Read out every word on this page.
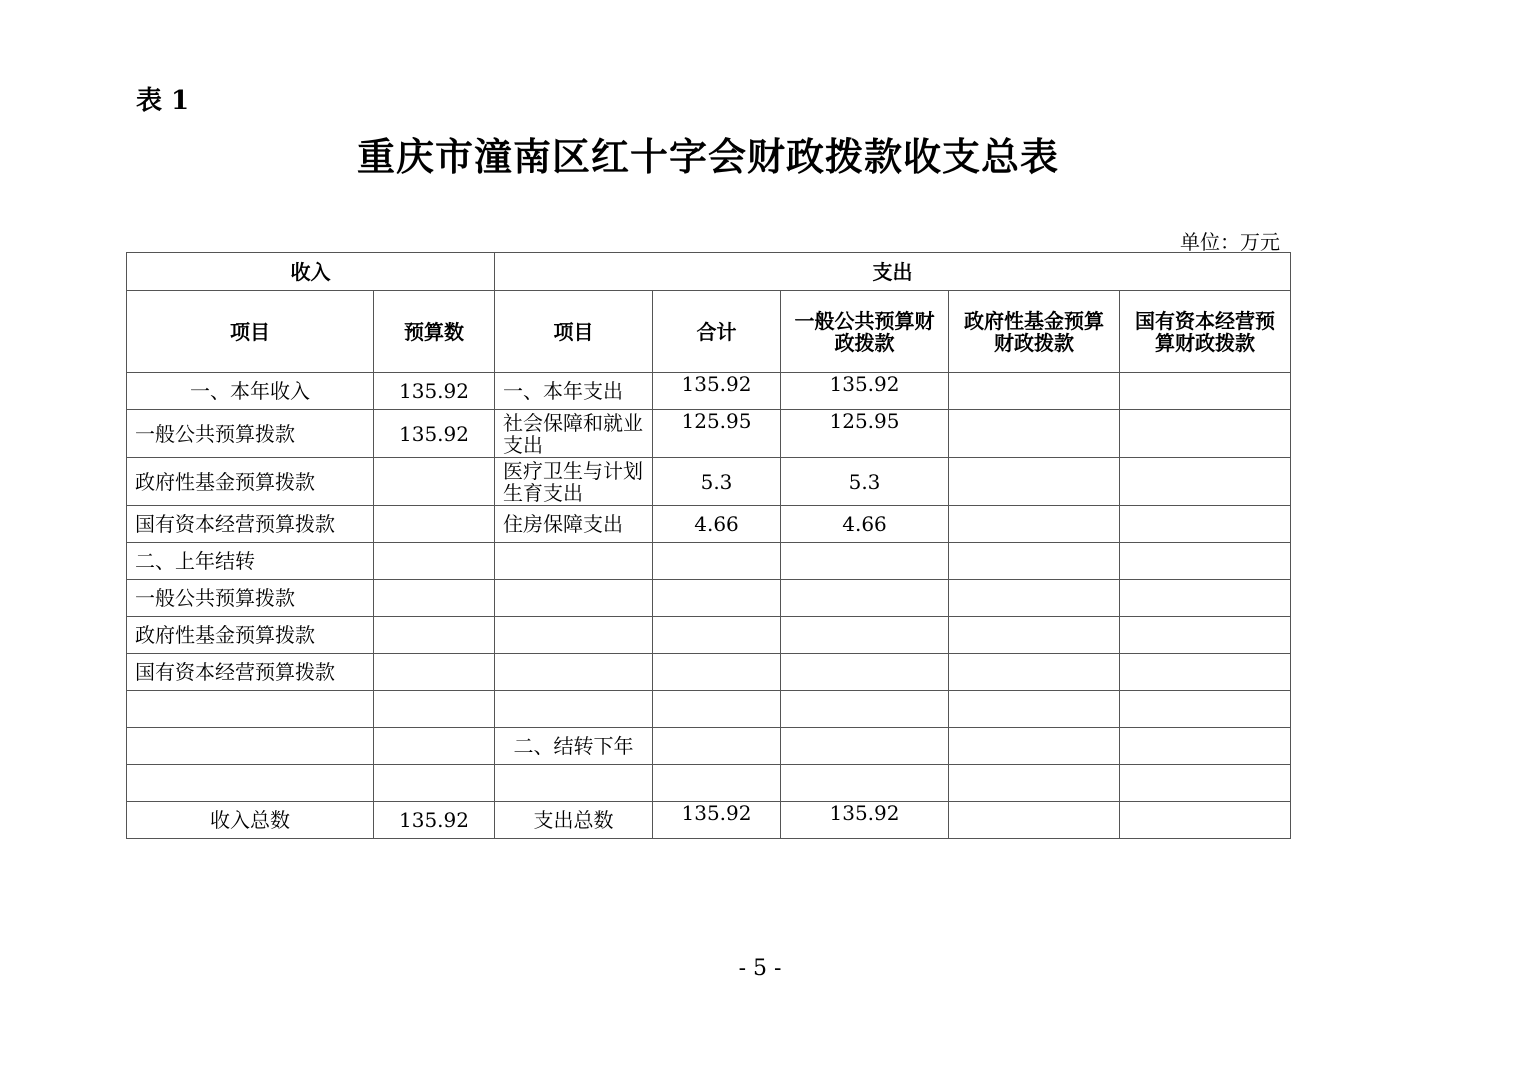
表 1
重庆市潼南区红十字会财政拨款收支总表
单位：万元
收入		支出				
项目	预算数	项目	合计	一般公共预算财政拨款	政府性基金预算财政拨款	国有资本经营预算财政拨款
一、本年收入	135.92	一、本年支出	135.92	135.92		
一般公共预算拨款	135.92	社会保障和就业支出	125.95	125.95		
政府性基金预算拨款		医疗卫生与计划生育支出	5.3	5.3		
国有资本经营预算拨款		住房保障支出	4.66	4.66		
二、上年结转						
一般公共预算拨款						
政府性基金预算拨款						
国有资本经营预算拨款						

		二、结转下年				

收入总数	135.92	支出总数	135.92	135.92		
- 5 -
